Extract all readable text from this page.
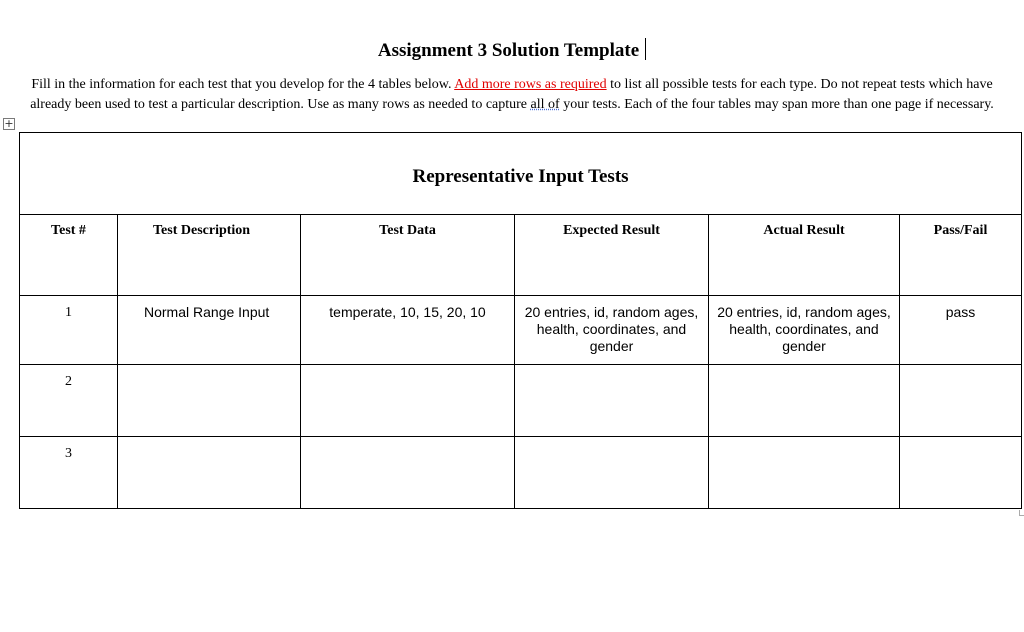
Assignment 3 Solution Template
Fill in the information for each test that you develop for the 4 tables below. Add more rows as required to list all possible tests for each type. Do not repeat tests which have already been used to test a particular description. Use as many rows as needed to capture all of your tests. Each of the four tables may span more than one page if necessary.
+
Representative Input Tests					
Test #	Test Description	Test Data	Expected Result	Actual Result	Pass/Fail
1	Normal Range Input	temperate, 10, 15, 20, 10	20 entries, id, random ages, health, coordinates, and gender	20 entries, id, random ages, health, coordinates, and gender	pass
2					
3					
